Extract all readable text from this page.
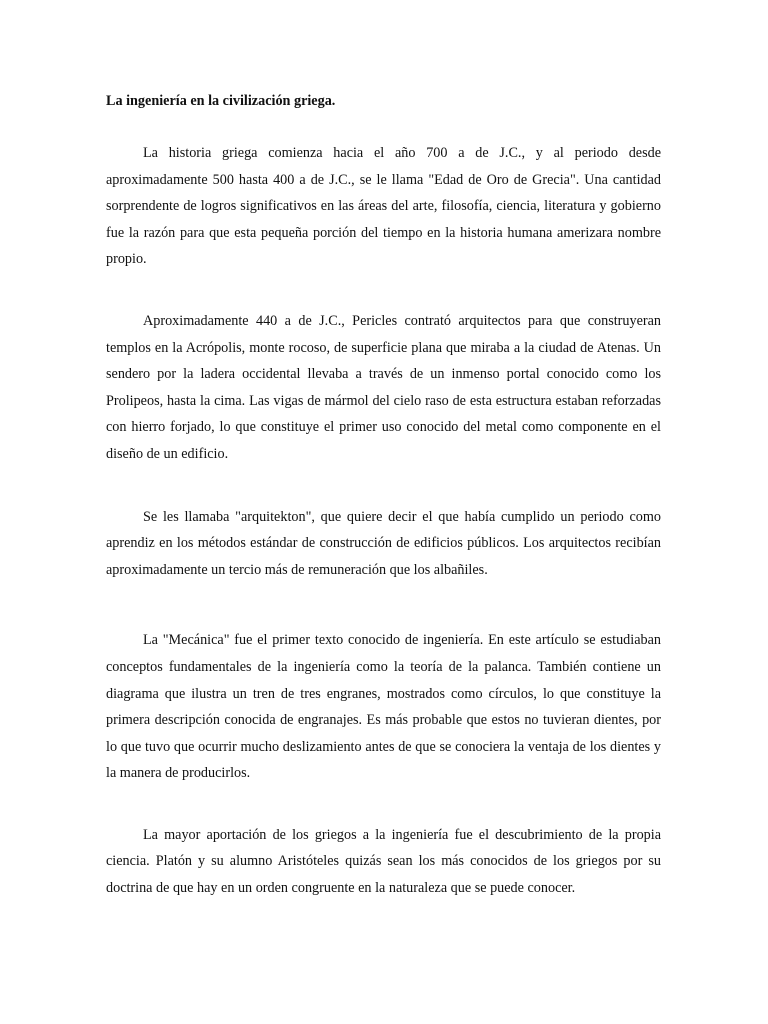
La ingeniería en la civilización griega.

La historia griega comienza hacia el año 700 a de J.C., y al periodo desde aproximadamente 500 hasta 400 a de J.C., se le llama "Edad de Oro de Grecia". Una cantidad sorprendente de logros significativos en las áreas del arte, filosofía, ciencia, literatura y gobierno fue la razón para que esta pequeña porción del tiempo en la historia humana amerizara nombre propio.

Aproximadamente 440 a de J.C., Pericles contrató arquitectos para que construyeran templos en la Acrópolis, monte rocoso, de superficie plana que miraba a la ciudad de Atenas. Un sendero por la ladera occidental llevaba a través de un inmenso portal conocido como los Prolipeos, hasta la cima. Las vigas de mármol del cielo raso de esta estructura estaban reforzadas con hierro forjado, lo que constituye el primer uso conocido del metal como componente en el diseño de un edificio.

Se les llamaba "arquitekton", que quiere decir el que había cumplido un periodo como aprendiz en los métodos estándar de construcción de edificios públicos. Los arquitectos recibían aproximadamente un tercio más de remuneración que los albañiles.

La "Mecánica" fue el primer texto conocido de ingeniería. En este artículo se estudiaban conceptos fundamentales de la ingeniería como la teoría de la palanca. También contiene un diagrama que ilustra un tren de tres engranes, mostrados como círculos, lo que constituye la primera descripción conocida de engranajes. Es más probable que estos no tuvieran dientes, por lo que tuvo que ocurrir mucho deslizamiento antes de que se conociera la ventaja de los dientes y la manera de producirlos.

La mayor aportación de los griegos a la ingeniería fue el descubrimiento de la propia ciencia. Platón y su alumno Aristóteles quizás sean los más conocidos de los griegos por su doctrina de que hay en un orden congruente en la naturaleza que se puede conocer.
